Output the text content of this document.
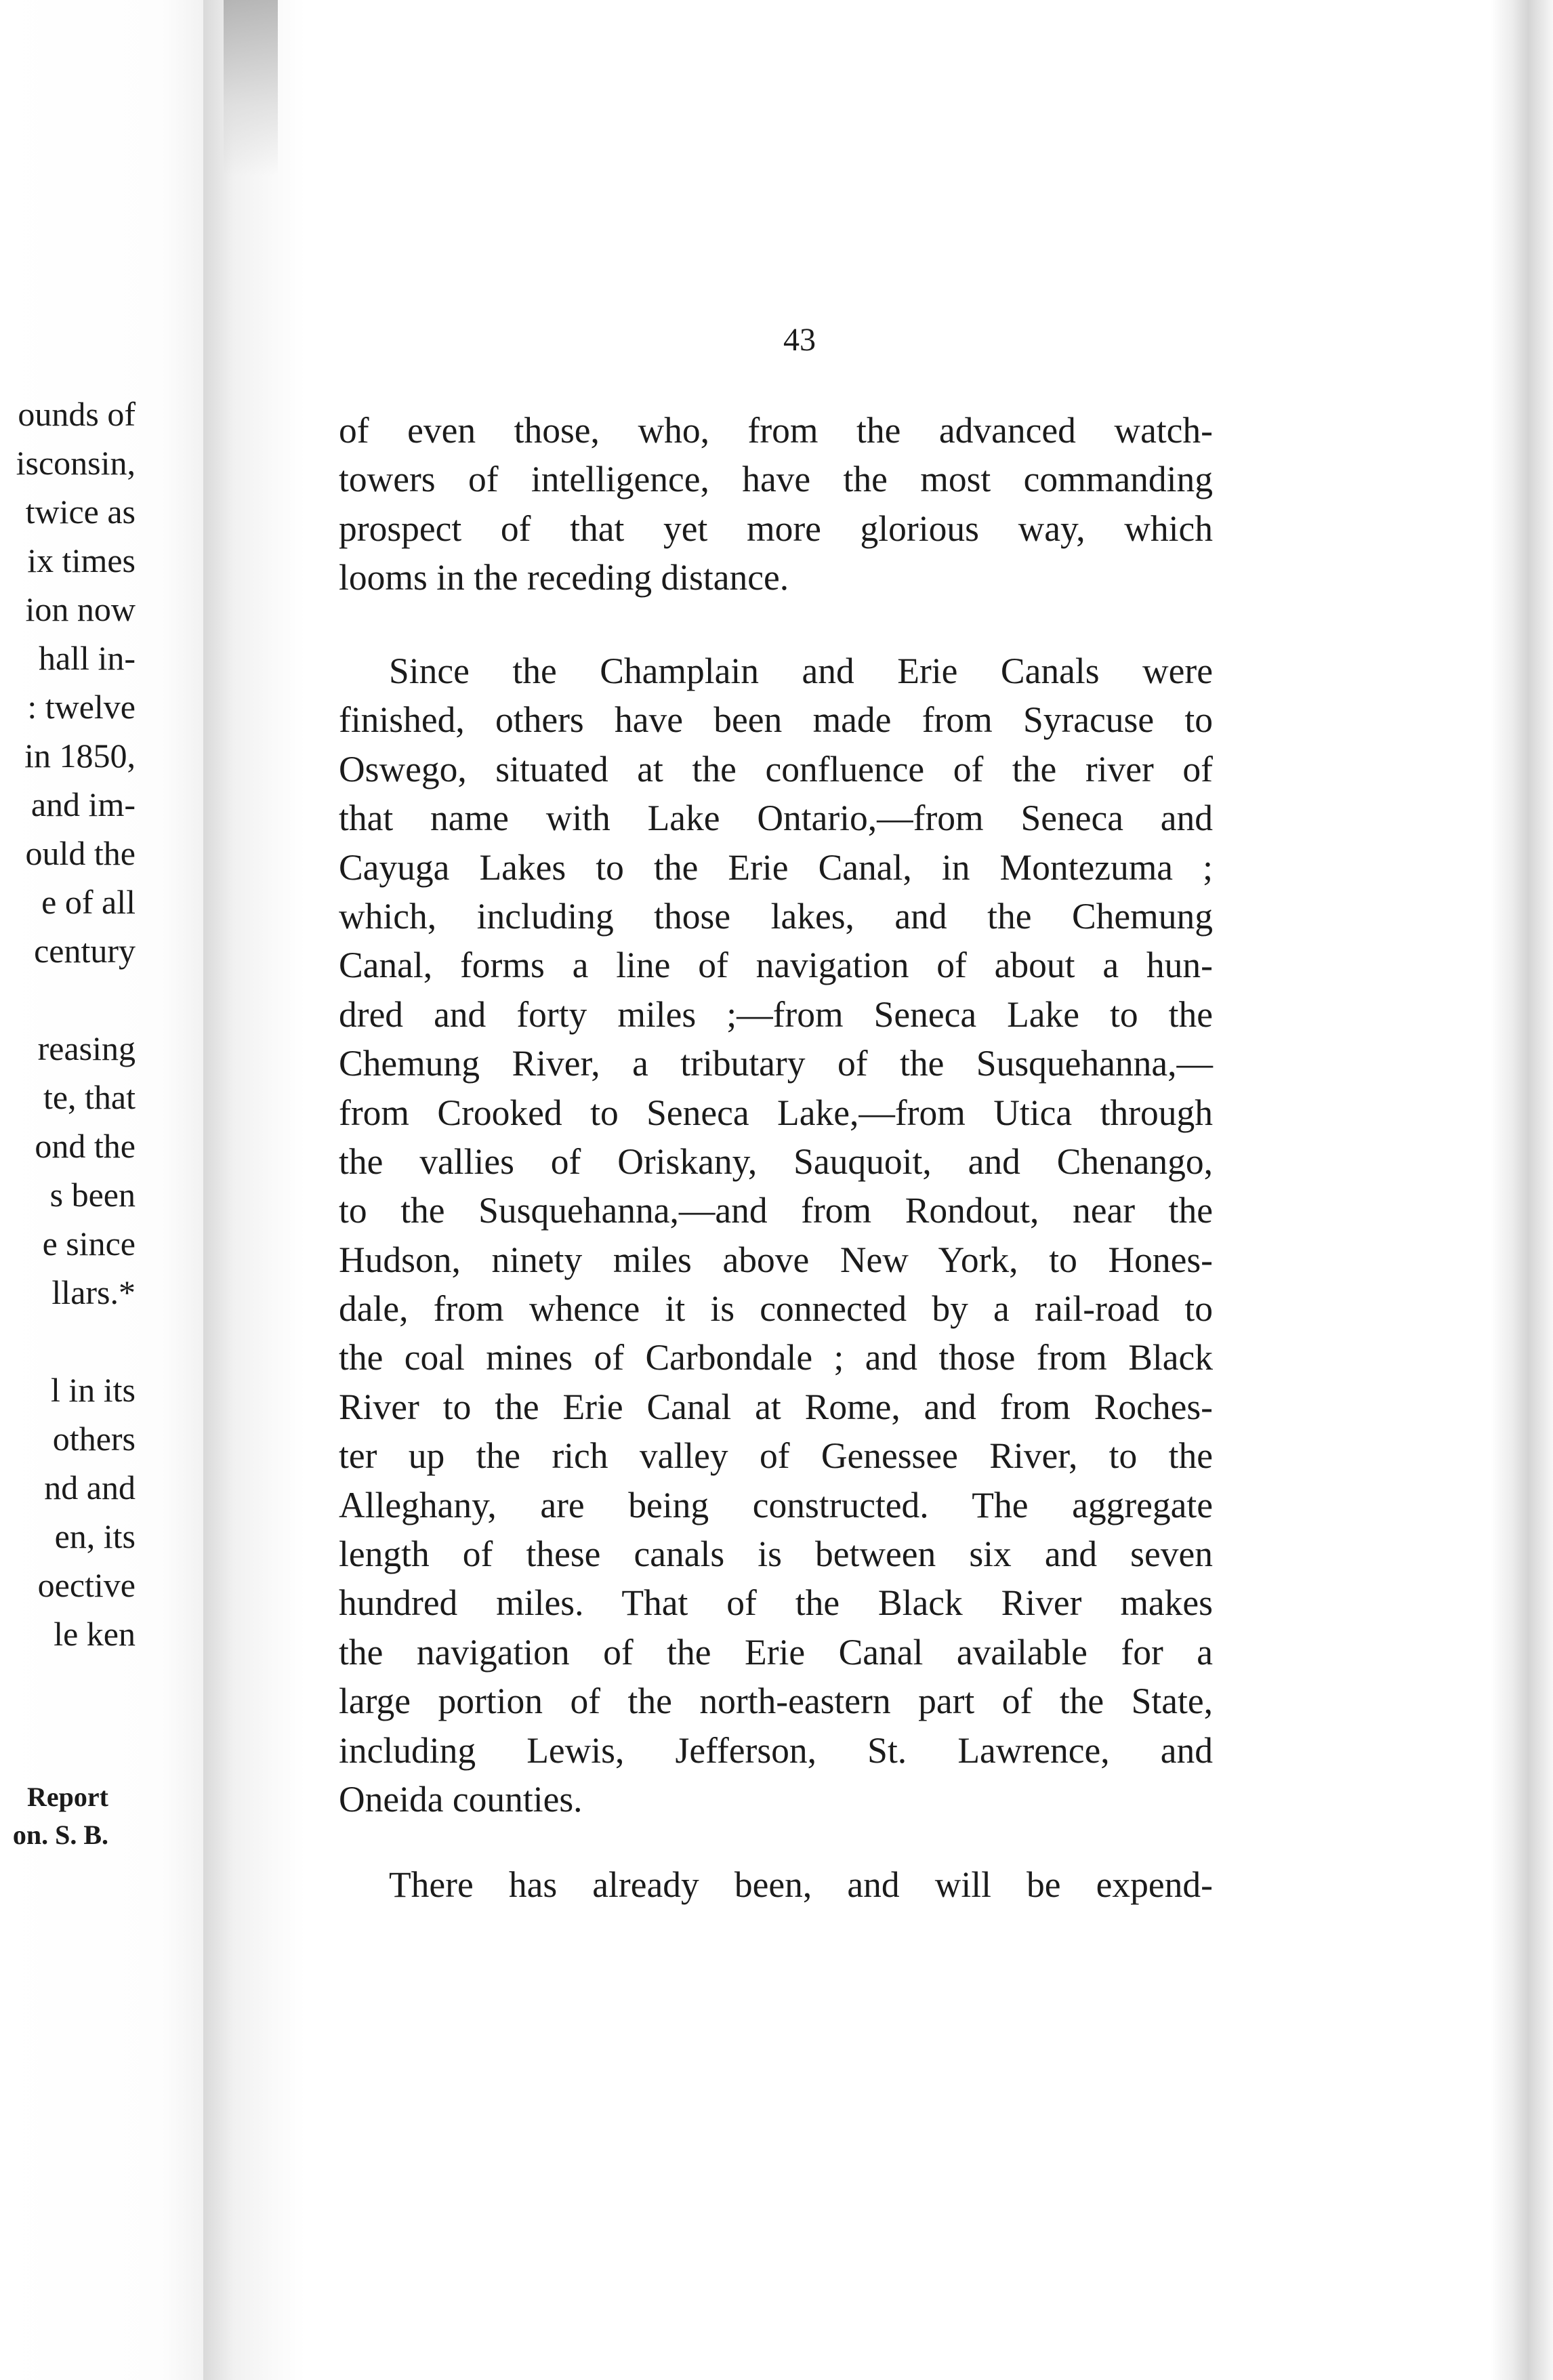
ounds of
isconsin,
twice as
ix times
ion now
hall in-
: twelve
in 1850,
and im-
ould the
e of all
century
reasing
te, that
ond the
s been
e since
llars.*
l in its
others
nd and
en, its
oective
le ken
Report
on. S. B.
43
of even those, who, from the advanced watch-
towers of intelligence, have the most commanding
prospect of that yet more glorious way, which
looms in the receding distance.
Since the Champlain and Erie Canals were
finished, others have been made from Syracuse to
Oswego, situated at the confluence of the river of
that name with Lake Ontario,—from Seneca and
Cayuga Lakes to the Erie Canal, in Montezuma ;
which, including those lakes, and the Chemung
Canal, forms a line of navigation of about a hun-
dred and forty miles ;—from Seneca Lake to the
Chemung River, a tributary of the Susquehanna,—
from Crooked to Seneca Lake,—from Utica through
the vallies of Oriskany, Sauquoit, and Chenango,
to the Susquehanna,—and from Rondout, near the
Hudson, ninety miles above New York, to Hones-
dale, from whence it is connected by a rail-road to
the coal mines of Carbondale ; and those from Black
River to the Erie Canal at Rome, and from Roches-
ter up the rich valley of Genessee River, to the
Alleghany, are being constructed. The aggregate
length of these canals is between six and seven
hundred miles. That of the Black River makes
the navigation of the Erie Canal available for a
large portion of the north-eastern part of the State,
including Lewis, Jefferson, St. Lawrence, and
Oneida counties.
There has already been, and will be expend-
